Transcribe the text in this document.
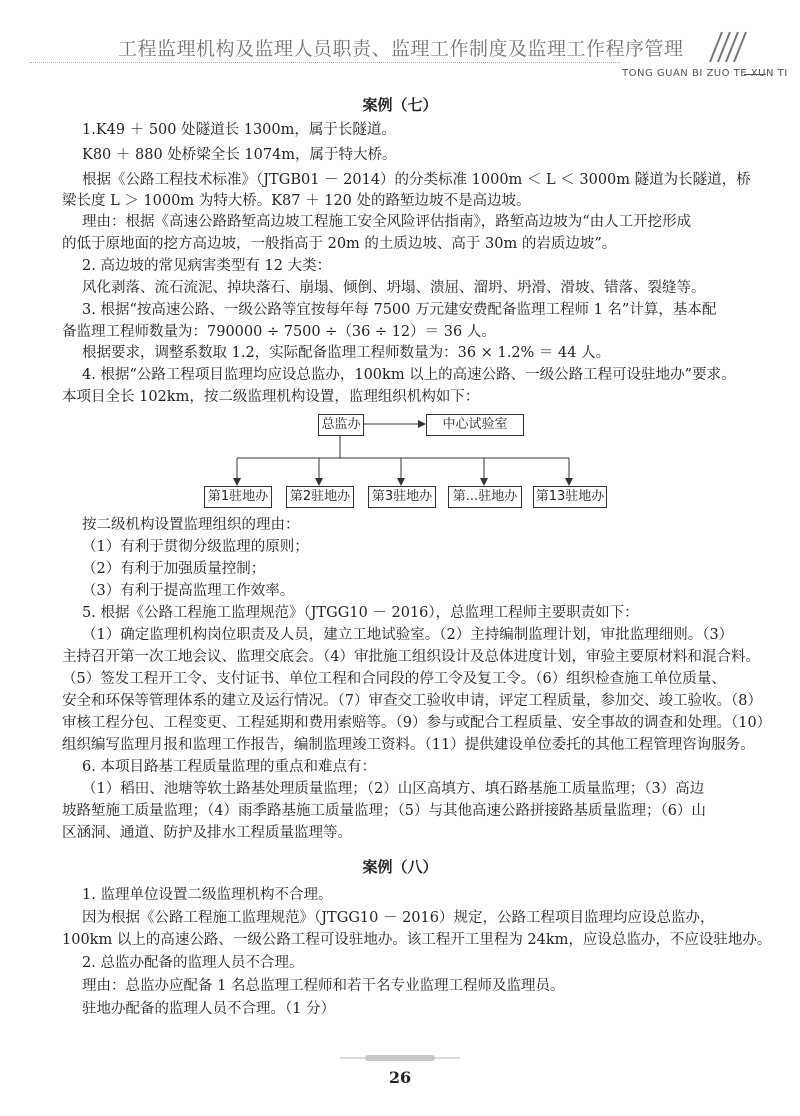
工程监理机构及监理人员职责、监理工作制度及监理工作程序管理
TONG GUAN BI ZUO TE XUN TI
案例（七）
1.K49 ＋ 500 处隧道长 1300m，属于长隧道。
K80 ＋ 880 处桥梁全长 1074m，属于特大桥。
根据《公路工程技术标准》（JTGB01 － 2014）的分类标准 1000m ＜ L ＜ 3000m 隧道为长隧道，桥
梁长度 L ＞ 1000m 为特大桥。K87 ＋ 120 处的路堑边坡不是高边坡。
理由：根据《高速公路路堑高边坡工程施工安全风险评估指南》，路堑高边坡为“由人工开挖形成
的低于原地面的挖方高边坡，一般指高于 20m 的土质边坡、高于 30m 的岩质边坡”。
2. 高边坡的常见病害类型有 12 大类：
风化剥落、流石流泥、掉块落石、崩塌、倾倒、坍塌、溃屈、溜坍、坍滑、滑坡、错落、裂缝等。
3. 根据“按高速公路、一级公路等宜按每年每 7500 万元建安费配备监理工程师 1 名”计算，基本配
备监理工程师数量为：790000 ÷ 7500 ÷（36 ÷ 12）＝ 36 人。
根据要求，调整系数取 1.2，实际配备监理工程师数量为：36 × 1.2% ＝ 44 人。
4. 根据“公路工程项目监理均应设总监办，100km 以上的高速公路、一级公路工程可设驻地办”要求。
本项目全长 102km，按二级监理机构设置，监理组织机构如下：
总监办	中心试验室
第1驻地办 第2驻地办 第3驻地办	第...驻地办	第13驻地办
按二级机构设置监理组织的理由：
（1）有利于贯彻分级监理的原则；
（2）有利于加强质量控制；
（3）有利于提高监理工作效率。
5. 根据《公路工程施工监理规范》（JTGG10 － 2016），总监理工程师主要职责如下：
（1）确定监理机构岗位职责及人员，建立工地试验室。（2）主持编制监理计划，审批监理细则。（3）
主持召开第一次工地会议、监理交底会。（4）审批施工组织设计及总体进度计划，审验主要原材料和混合料。
（5）签发工程开工令、支付证书、单位工程和合同段的停工令及复工令。（6）组织检查施工单位质量、
安全和环保等管理体系的建立及运行情况。（7）审查交工验收申请，评定工程质量，参加交、竣工验收。（8）
审核工程分包、工程变更、工程延期和费用索赔等。（9）参与或配合工程质量、安全事故的调查和处理。（10）
组织编写监理月报和监理工作报告，编制监理竣工资料。（11）提供建设单位委托的其他工程管理咨询服务。
6. 本项目路基工程质量监理的重点和难点有：
（1）稻田、池塘等软土路基处理质量监理；（2）山区高填方、填石路基施工质量监理；（3）高边
坡路堑施工质量监理；（4）雨季路基施工质量监理；（5）与其他高速公路拼接路基质量监理；（6）山
区涵洞、通道、防护及排水工程质量监理等。
案例（八）
1. 监理单位设置二级监理机构不合理。
因为根据《公路工程施工监理规范》（JTGG10 － 2016）规定，公路工程项目监理均应设总监办，
100km 以上的高速公路、一级公路工程可设驻地办。该工程开工里程为 24km，应设总监办，不应设驻地办。
2. 总监办配备的监理人员不合理。
理由：总监办应配备 1 名总监理工程师和若干名专业监理工程师及监理员。
驻地办配备的监理人员不合理。（1 分）
26
